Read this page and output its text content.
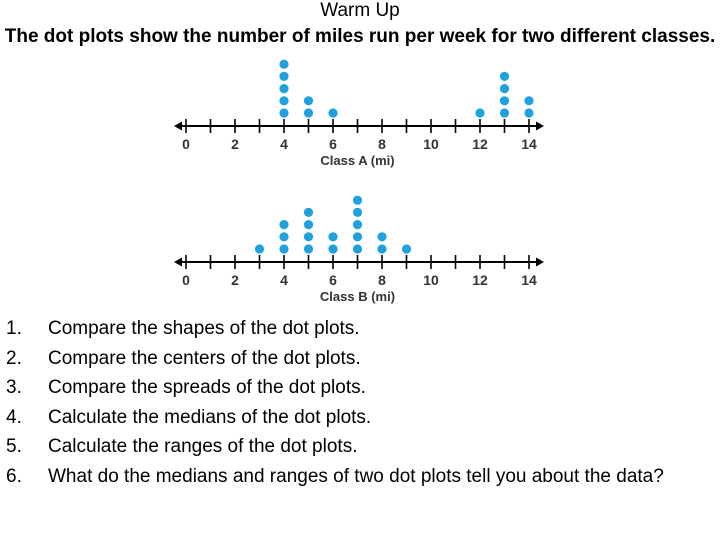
Warm Up
The dot plots show the number of miles run per week for two different classes.
0	2	4	6	8	10 12 14
Class A (mi)
0	2	4	6	8	10 12 14
Class B (mi)
1.	Compare the shapes of the dot plots.
2.	Compare the centers of the dot plots.
3.	Compare the spreads of the dot plots.
4.	Calculate the medians of the dot plots.
5.	Calculate the ranges of the dot plots.
6.	What do the medians and ranges of two dot plots tell you about the data?
